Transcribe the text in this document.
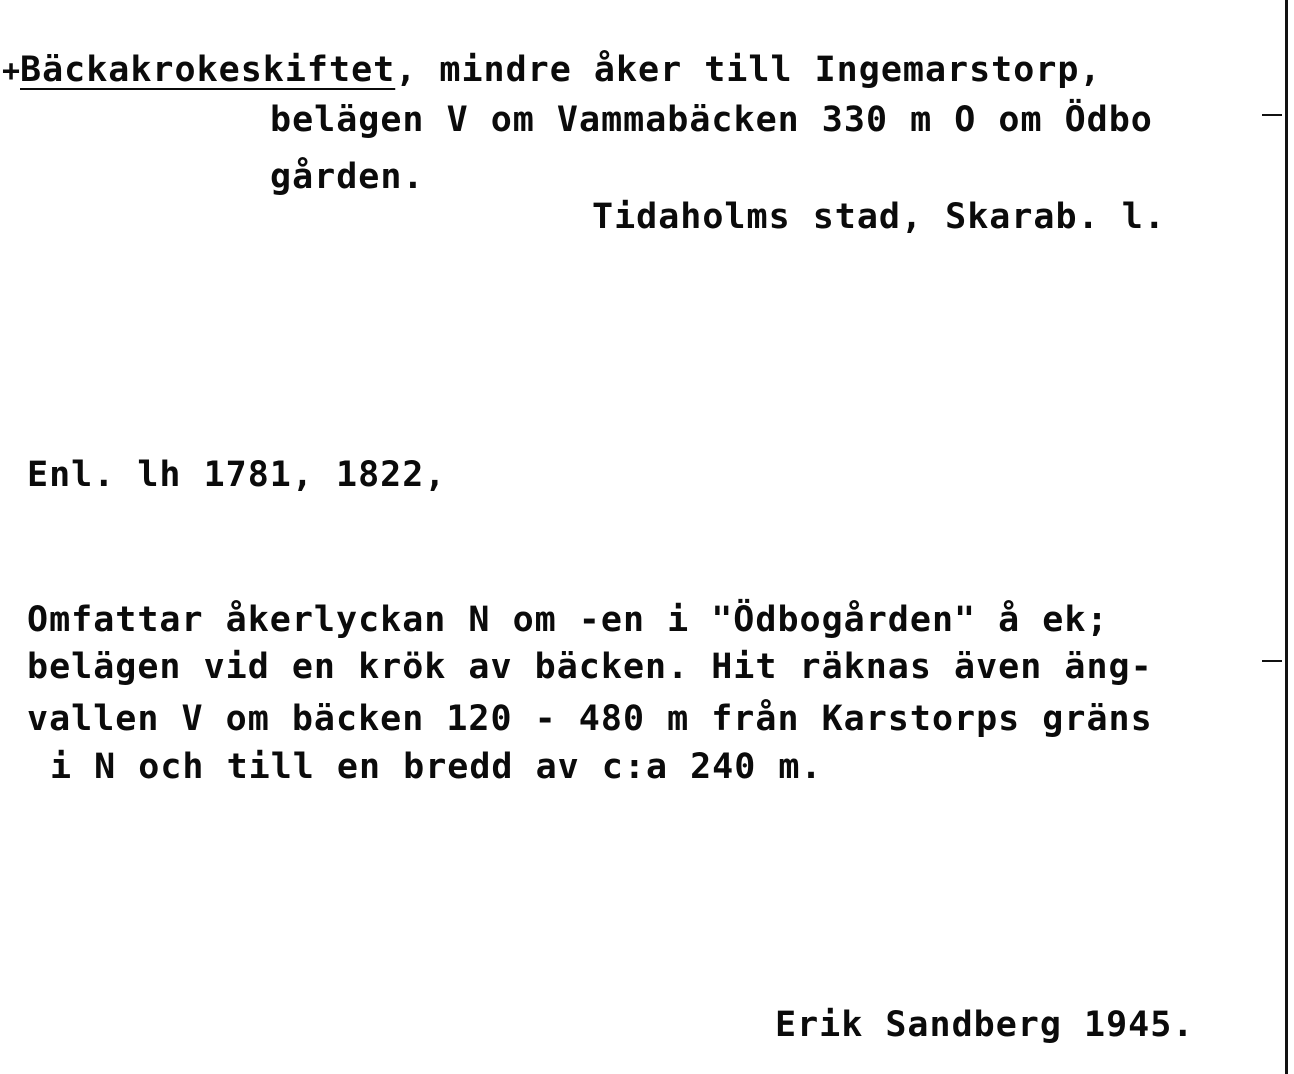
+ Bäckakrokeskiftet, mindre åker till Ingemarstorp,
belägen V om Vammabäcken 330 m O om Ödbo
gården.
Tidaholms stad, Skarab. l.
Enl. lh 1781, 1822,
Omfattar åkerlyckan N om -en i "Ödbogården" å ek;
belägen vid en krök av bäcken. Hit räknas även äng-
vallen V om bäcken 120 - 480 m från Karstorps gräns
i N och till en bredd av c:a 240 m.
Erik Sandberg 1945.
